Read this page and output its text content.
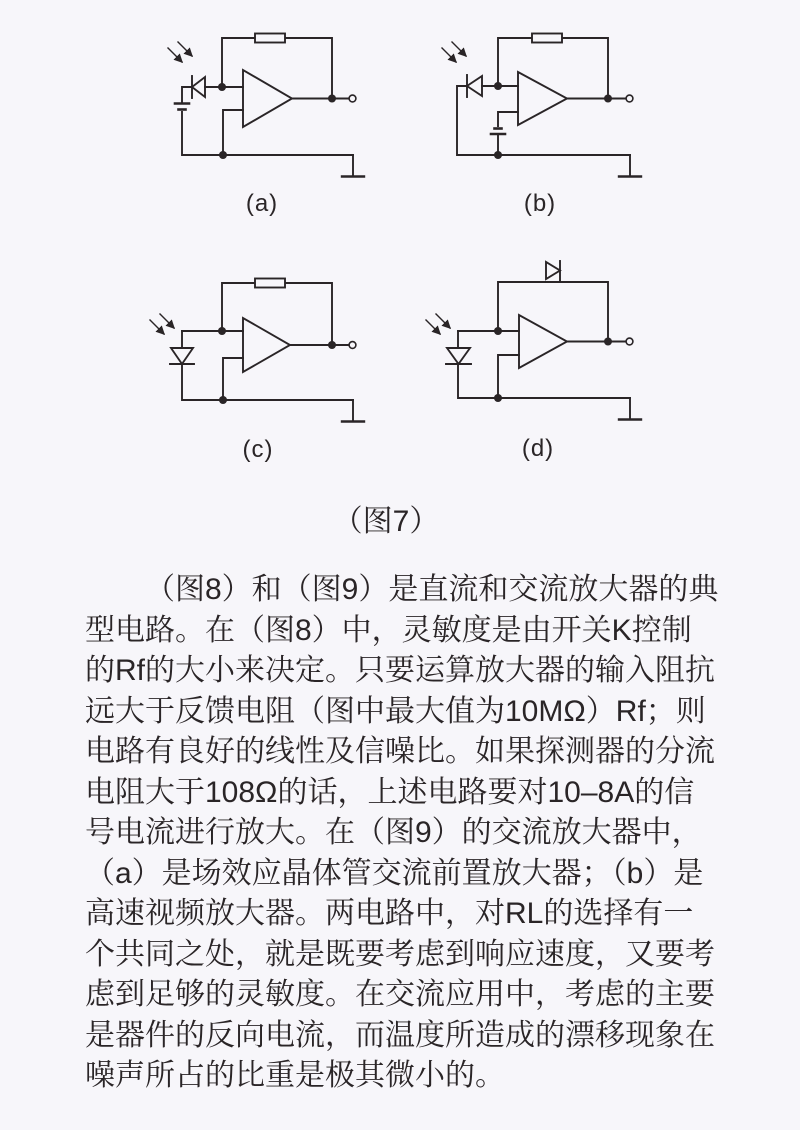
(a)	(b)
(c)	(d)
（图7）
（图8）和（图9）是直流和交流放大器的典
型电路。在（图8）中，灵敏度是由开关K控制
的Rf的大小来决定。只要运算放大器的输入阻抗
远大于反馈电阻（图中最大值为10MΩ）Rf；则
电路有良好的线性及信噪比。如果探测器的分流
电阻大于108Ω的话，上述电路要对10–8A的信
号电流进行放大。在（图9）的交流放大器中，
（a）是场效应晶体管交流前置放大器；（b）是
高速视频放大器。两电路中，对RL的选择有一
个共同之处，就是既要考虑到响应速度，又要考
虑到足够的灵敏度。在交流应用中，考虑的主要
是器件的反向电流，而温度所造成的漂移现象在
噪声所占的比重是极其微小的。
